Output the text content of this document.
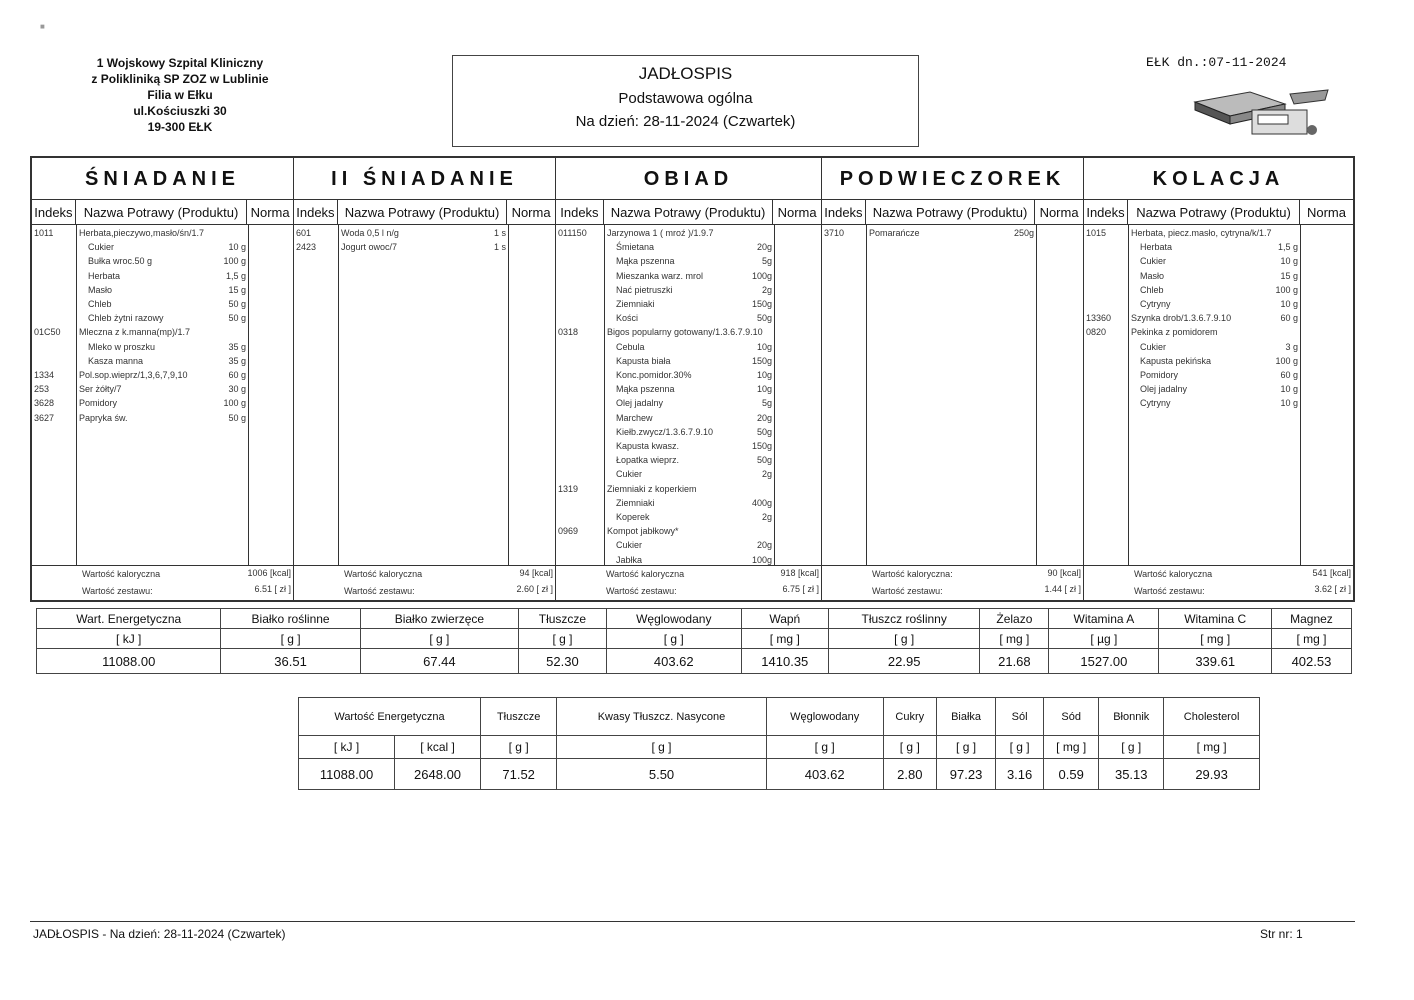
■
1 Wojskowy Szpital Kliniczny
z Polikliniką SP ZOZ w Lublinie
Filia w Ełku
ul.Kościuszki 30
19-300 EŁK
JADŁOSPIS
Podstawowa ogólna
Na dzień: 28-11-2024 (Czwartek)
EŁK dn.:07-11-2024
ŚNIADANIE
Indeks Nazwa Potrawy (Produktu) Norma
1011	Herbata,pieczywo,masło/śn/1.7
Cukier	10 g
Bułka wroc.50 g	100 g
Herbata	1,5 g
Masło	15 g
Chleb	50 g
Chleb żytni razowy	50 g
01C50 Mleczna z k.manna(mp)/1.7
Mleko w proszku	35 g
Kasza manna	35 g
1334	Pol.sop.wieprz/1,3,6,7,9,10	60 g
253	Ser żółty/7	30 g
3628	Pomidory	100 g
3627	Papryka św.	50 g
Wartość kaloryczna	1006 [kcal]
Wartość zestawu:	6.51 [ zł ]
II ŚNIADANIE
Indeks Nazwa Potrawy (Produktu) Norma
601	Woda 0,5 l n/g	1 s
2423	Jogurt owoc/7	1 s
Wartość kaloryczna	94 [kcal]
Wartość zestawu:	2.60 [ zł ]
OBIAD
Indeks Nazwa Potrawy (Produktu) Norma
011150 Jarzynowa 1 ( mroź )/1.9.7
Śmietana	20g
Mąka pszenna	5g
Mieszanka warz. mrol	100g
Nać pietruszki	2g
Ziemniaki	150g
Kości	50g
0318	Bigos popularny gotowany/1.3.6.7.9.10
Cebula	10g
Kapusta biała	150g
Konc.pomidor.30%	10g
Mąka pszenna	10g
Olej jadalny	5g
Marchew	20g
Kiełb.zwycz/1.3.6.7.9.10	50g
Kapusta kwasz.	150g
Łopatka wieprz.	50g
Cukier	2g
1319	Ziemniaki z koperkiem
Ziemniaki	400g
Koperek	2g
0969	Kompot jabłkowy*
Cukier	20g
Jabłka	100g
Wartość kaloryczna	918 [kcal]
Wartość zestawu:	6.75 [ zł ]
PODWIECZOREK
Indeks Nazwa Potrawy (Produktu) Norma
3710	Pomarańcze	250g
Wartość kaloryczna:	90 [kcal]
Wartość zestawu:	1.44 [ zł ]
KOLACJA
Indeks Nazwa Potrawy (Produktu)	Norma
1015	Herbata, piecz.masło, cytryna/k/1.7
Herbata	1,5 g
Cukier	10 g
Masło	15 g
Chleb	100 g
Cytryny	10 g
13360 Szynka drob/1.3.6.7.9.10	60 g
0820	Pekinka z pomidorem
Cukier	3 g
Kapusta pekińska	100 g
Pomidory	60 g
Olej jadalny	10 g
Cytryny	10 g
Wartość kaloryczna	541 [kcal]
Wartość zestawu:	3.62 [ zł ]
Wart. Energetyczna	Białko roślinne	Białko zwierzęce	Tłuszcze	Węglowodany	Wapń	Tłuszcz roślinny	Żelazo	Witamina A	Witamina C	Magnez
[ kJ ]	[ g ]	[ g ]	[ g ]	[ g ]	[ mg ]	[ g ]	[ mg ]	[ µg ]	[ mg ]	[ mg ]
11088.00	36.51	67.44	52.30	403.62	1410.35	22.95	21.68	1527.00	339.61	402.53
Wartość Energetyczna		Tłuszcze	Kwasy Tłuszcz. Nasycone	Węglowodany	Cukry	Białka	Sól	Sód	Błonnik	Cholesterol
[ kJ ]	[ kcal ]	[ g ]	[ g ]	[ g ]	[ g ]	[ g ]	[ g ]	[ mg ]	[ g ]	[ mg ]
11088.00	2648.00	71.52	5.50	403.62	2.80	97.23	3.16	0.59	35.13	29.93
JADŁOSPIS - Na dzień: 28-11-2024 (Czwartek)	Str nr: 1
